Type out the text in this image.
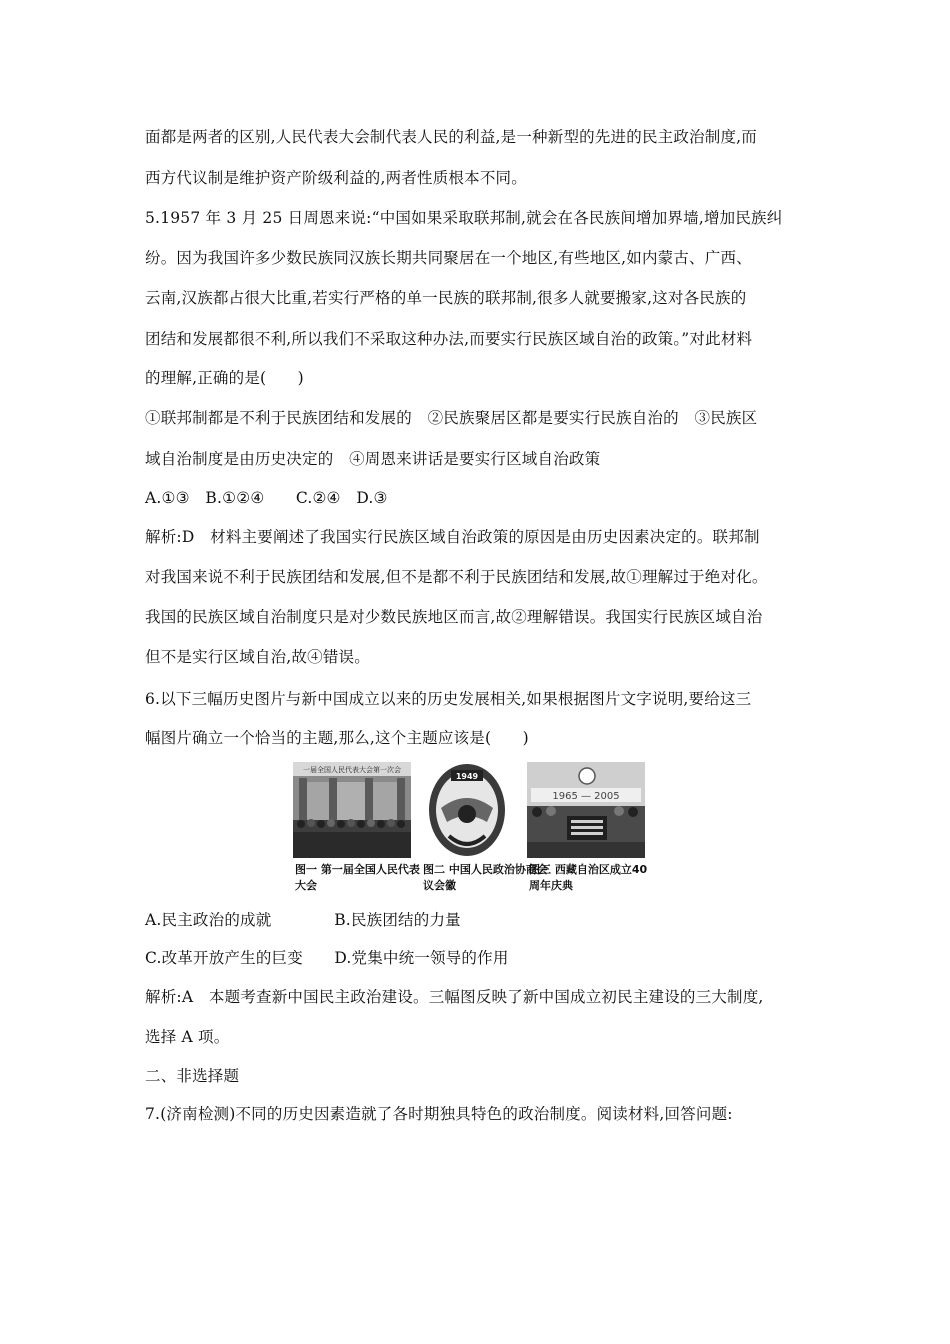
面都是两者的区别,人民代表大会制代表人民的利益,是一种新型的先进的民主政治制度,而
西方代议制是维护资产阶级利益的,两者性质根本不同。
5.1957 年 3 月 25 日周恩来说:“中国如果采取联邦制,就会在各民族间增加界墙,增加民族纠
纷。因为我国许多少数民族同汉族长期共同聚居在一个地区,有些地区,如内蒙古、广西、
云南,汉族都占很大比重,若实行严格的单一民族的联邦制,很多人就要搬家,这对各民族的
团结和发展都很不利,所以我们不采取这种办法,而要实行民族区域自治的政策。”对此材料
的理解,正确的是(　　)
①联邦制都是不利于民族团结和发展的　②民族聚居区都是要实行民族自治的　③民族区
域自治制度是由历史决定的　④周恩来讲话是要实行区域自治政策
A.①③　B.①②④　　C.②④　D.③
解析:D　材料主要阐述了我国实行民族区域自治政策的原因是由历史因素决定的。联邦制
对我国来说不利于民族团结和发展,但不是都不利于民族团结和发展,故①理解过于绝对化。
我国的民族区域自治制度只是对少数民族地区而言,故②理解错误。我国实行民族区域自治
但不是实行区域自治,故④错误。
6.以下三幅历史图片与新中国成立以来的历史发展相关,如果根据图片文字说明,要给这三
幅图片确立一个恰当的主题,那么,这个主题应该是(　　)
一届全国人民代表大会第一次会
图一 第一届全国人民代表大会
1949
图二 中国人民政治协商会议会徽
1965 — 2005
图三 西藏自治区成立40周年庆典
A.民主政治的成就　　　　B.民族团结的力量
C.改革开放产生的巨变　　D.党集中统一领导的作用
解析:A　本题考查新中国民主政治建设。三幅图反映了新中国成立初民主建设的三大制度,
选择 A 项。
二、非选择题
7.(济南检测)不同的历史因素造就了各时期独具特色的政治制度。阅读材料,回答问题:
